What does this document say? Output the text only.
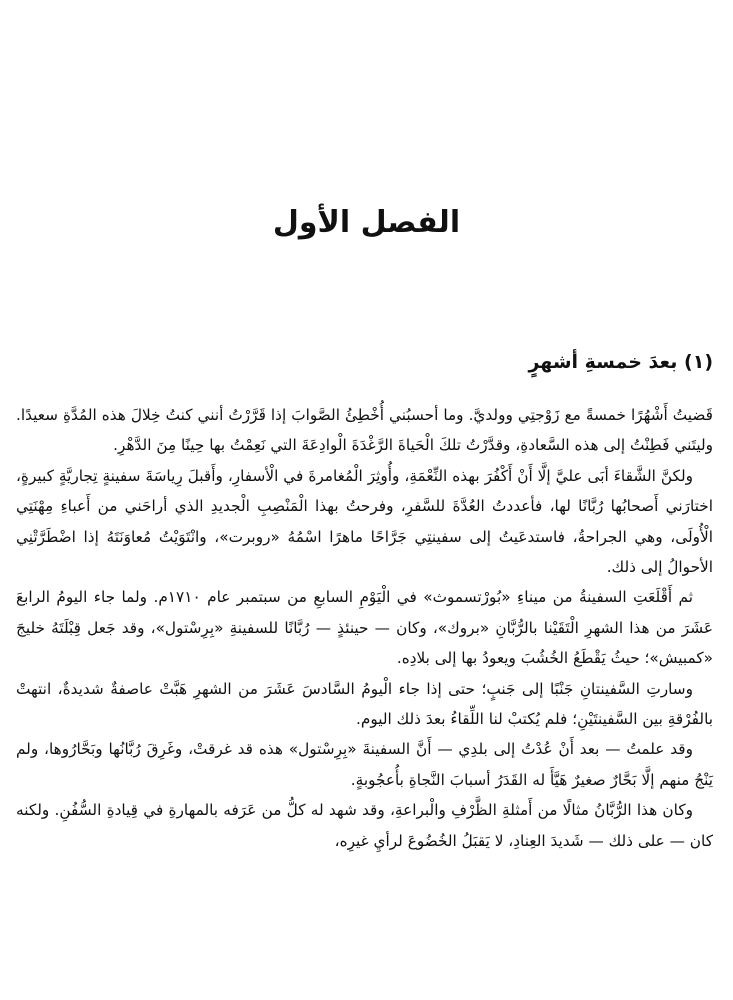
الفصل الأول
(١) بعدَ خمسةِ أشهرٍ

قَضيتُ أَشْهُرًا خمسةً مع زَوْجتِي وولديَّ. وما أحسبُني أُخْطِئُ الصَّوابَ إذا قَرَّرْتُ أنني كنتُ خِلالَ هذه المُدَّةِ سعيدًا. وليتَني فَطِنْتُ إلى هذه السَّعادةِ، وقدَّرْتُ تلكَ الْحَياةَ الرَّغْدَةَ الْوادِعَةَ التي نَعِمْتُ بها حِينًا مِنَ الدَّهْرِ.

ولكنَّ الشَّقاءَ أبَى عليَّ إلَّا أَنْ أَكْفُرَ بهذه النِّعْمَةِ، وأُوثِرَ الْمُغامرةَ في الْأسفارِ، وأَقبلَ رِياسَةَ سفينةٍ تِجاريَّةٍ كبيرةٍ، اختارَني أَصحابُها رُبَّانًا لها، فأعددتُ العُدَّةَ للسَّفرِ، وفرحتُ بهذا الْمَنْصِبِ الْجديدِ الذي أراحَني من أَعباءِ مِهْنَتِي الْأُولَى، وهي الجراحةُ، فاستدعَيتُ إلى سفينتِي جَرَّاحًا ماهرًا اسْمُهُ «روبرت»، وانْتَوَيْتُ مُعاوَنَتَهُ إذا اضْطَرَّتْنِي الأحوالُ إلى ذلك.

ثم أَقْلَعَتِ السفينةُ من ميناءِ «بُورْتسموث» في الْيَوْمِ السابعِ من سبتمبر عام ١٧١٠م. ولما جاء اليومُ الرابعَ عَشَرَ من هذا الشهرِ الْتَقَيْنا بالرُّبَّانِ «بروك»، وكان — حينئذٍ — رُبَّانًا للسفينةِ «بِرِسْتول»، وقد جَعل قِبْلَتَهُ خليجَ «كمبيش»؛ حيثُ يَقْطَعُ الخُشُبَ ويعودُ بها إلى بلادِه.

وسارتِ السَّفينتانِ جَنْبًا إلى جَنبٍ؛ حتى إذا جاء الْيومُ السَّادسَ عَشَرَ من الشهرِ هَبَّتْ عاصفةٌ شديدةٌ، انتهتْ بالفُرْقةِ بين السَّفينتَيْنِ؛ فلم يُكتبْ لنا اللِّقاءُ بعدَ ذلك اليوم.

وقد علمتُ — بعد أَنْ عُدْتُ إلى بلدِي — أَنَّ السفينةَ «بِرِسْتول» هذه قد غرقتْ، وغَرِقَ رُبَّانُها وبَحَّارُوها، ولم يَنْجُ منهم إلَّا بَحَّارٌ صغيرٌ هَيَّأَ له القَدَرُ أسبابَ النَّجاةِ بأُعجُوبةٍ.

وكان هذا الرُّبَّانُ مثالًا من أَمثلةِ الظَّرْفِ والْبراعةِ، وقد شهد له كلُّ من عَرَفه بالمهارةِ في قِيادةِ السُّفُنِ. ولكنه كان — على ذلك — شَديدَ العِنادِ، لا يَقبَلُ الخُضُوعَ لرأيِ غيرِه،
